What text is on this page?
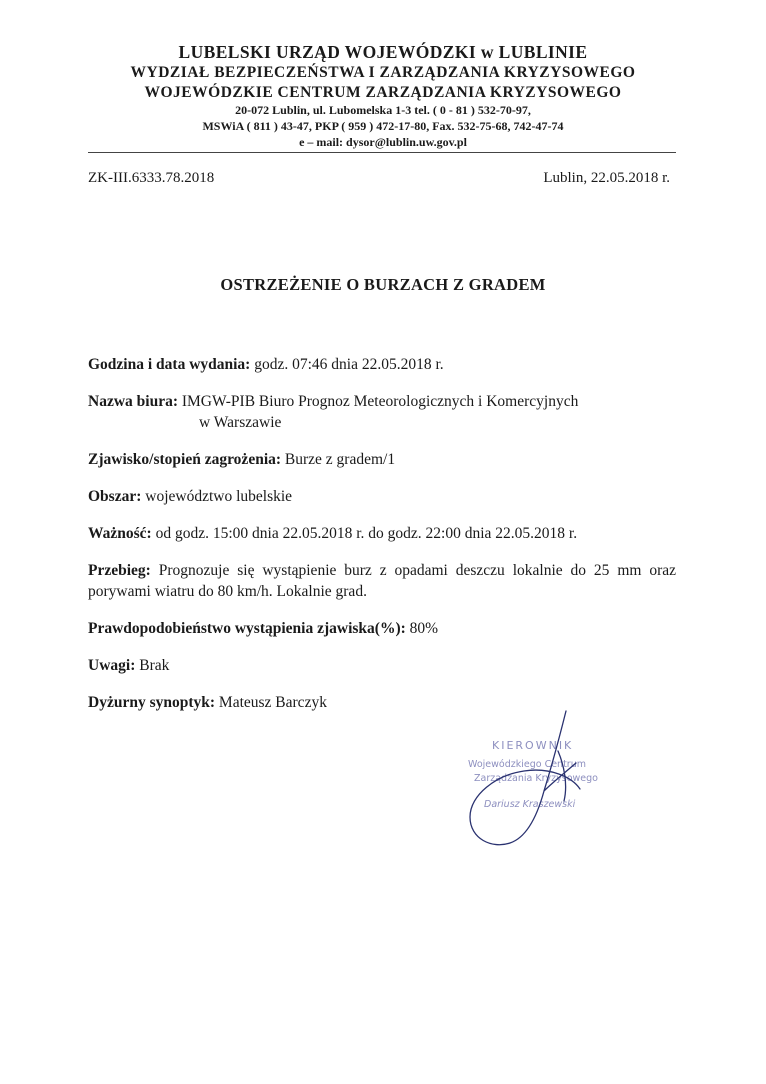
LUBELSKI URZĄD WOJEWÓDZKI w LUBLINIE
WYDZIAŁ BEZPIECZEŃSTWA I ZARZĄDZANIA KRYZYSOWEGO
WOJEWÓDZKIE CENTRUM ZARZĄDZANIA KRYZYSOWEGO
20-072 Lublin, ul. Lubomelska 1-3 tel. ( 0 - 81 ) 532-70-97,
MSWiA ( 811 ) 43-47, PKP ( 959 ) 472-17-80, Fax. 532-75-68, 742-47-74
e – mail: dysor@lublin.uw.gov.pl
ZK-III.6333.78.2018	Lublin, 22.05.2018 r.
OSTRZEŻENIE O BURZACH Z GRADEM
Godzina i data wydania: godz. 07:46 dnia 22.05.2018 r.
Nazwa biura: IMGW-PIB Biuro Prognoz Meteorologicznych i Komercyjnych
w Warszawie
Zjawisko/stopień zagrożenia: Burze z gradem/1
Obszar: województwo lubelskie
Ważność: od godz. 15:00 dnia 22.05.2018 r. do godz. 22:00 dnia 22.05.2018 r.
Przebieg: Prognozuje się wystąpienie burz z opadami deszczu lokalnie do 25 mm oraz porywami wiatru do 80 km/h. Lokalnie grad.
Prawdopodobieństwo wystąpienia zjawiska(%): 80%
Uwagi: Brak
Dyżurny synoptyk: Mateusz Barczyk
KIEROWNIK
Wojewódzkiego Centrum
Zarządzania Kryzysowego
Dariusz Kraszewski
